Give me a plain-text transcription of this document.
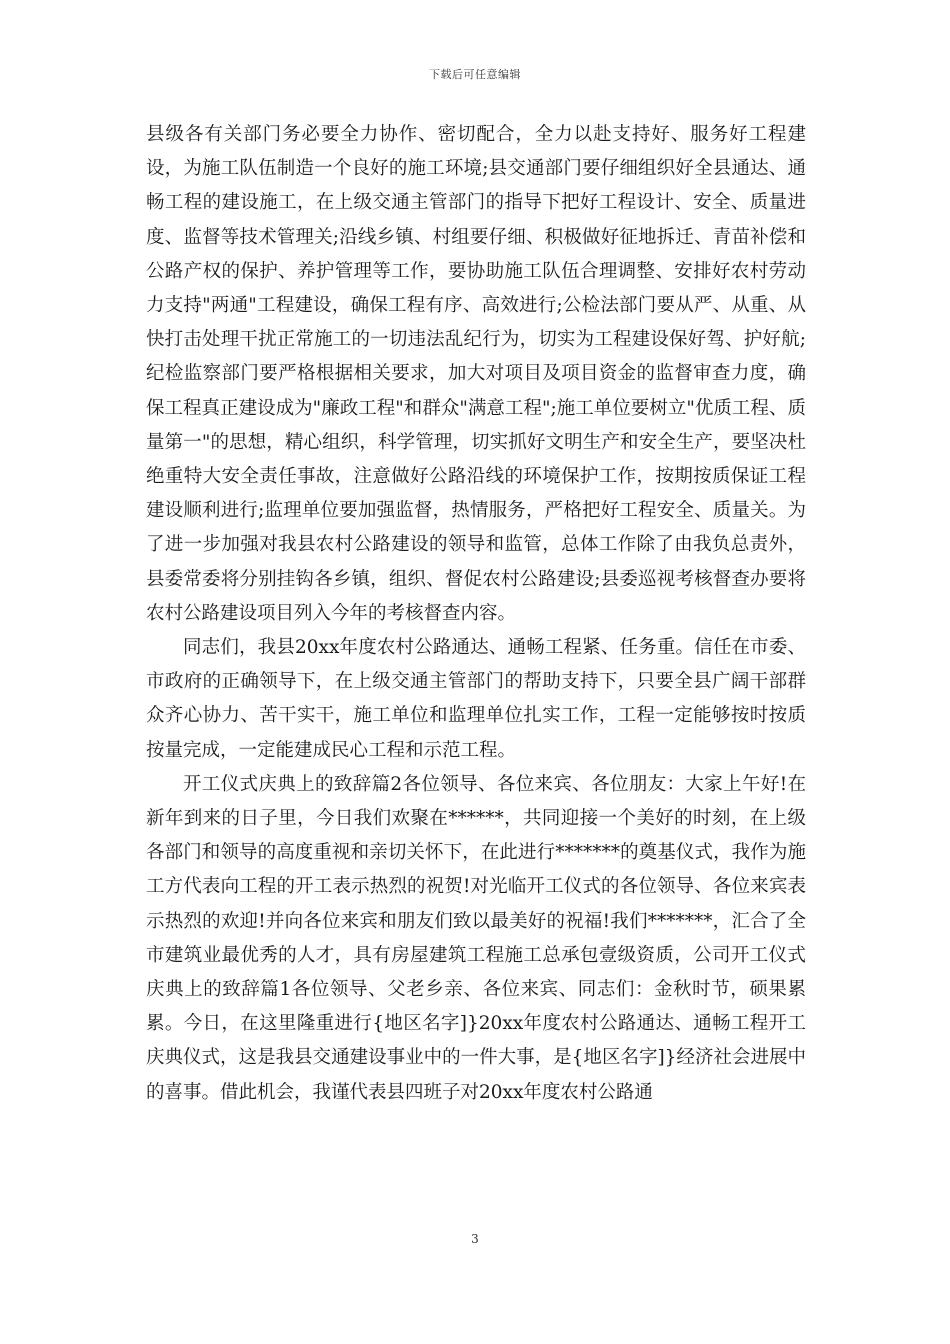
下载后可任意编辑

县级各有关部门务必要全力协作、密切配合，全力以赴支持好、服务好工程建设，为施工队伍制造一个良好的施工环境;县交通部门要仔细组织好全县通达、通畅工程的建设施工，在上级交通主管部门的指导下把好工程设计、安全、质量进度、监督等技术管理关;沿线乡镇、村组要仔细、积极做好征地拆迁、青苗补偿和公路产权的保护、养护管理等工作，要协助施工队伍合理调整、安排好农村劳动力支持"两通"工程建设，确保工程有序、高效进行;公检法部门要从严、从重、从快打击处理干扰正常施工的一切违法乱纪行为，切实为工程建设保好驾、护好航;纪检监察部门要严格根据相关要求，加大对项目及项目资金的监督审查力度，确保工程真正建设成为"廉政工程"和群众"满意工程";施工单位要树立"优质工程、质量第一"的思想，精心组织，科学管理，切实抓好文明生产和安全生产，要坚决杜绝重特大安全责任事故，注意做好公路沿线的环境保护工作，按期按质保证工程建设顺利进行;监理单位要加强监督，热情服务，严格把好工程安全、质量关。为了进一步加强对我县农村公路建设的领导和监管，总体工作除了由我负总责外，县委常委将分别挂钩各乡镇，组织、督促农村公路建设;县委巡视考核督查办要将农村公路建设项目列入今年的考核督查内容。

同志们，我县20xx年度农村公路通达、通畅工程紧、任务重。信任在市委、市政府的正确领导下，在上级交通主管部门的帮助支持下，只要全县广阔干部群众齐心协力、苦干实干，施工单位和监理单位扎实工作，工程一定能够按时按质按量完成，一定能建成民心工程和示范工程。

开工仪式庆典上的致辞篇2各位领导、各位来宾、各位朋友：大家上午好!在新年到来的日子里，今日我们欢聚在******，共同迎接一个美好的时刻，在上级各部门和领导的高度重视和亲切关怀下，在此进行*******的奠基仪式，我作为施工方代表向工程的开工表示热烈的祝贺!对光临开工仪式的各位领导、各位来宾表示热烈的欢迎!并向各位来宾和朋友们致以最美好的祝福!我们*******，汇合了全市建筑业最优秀的人才，具有房屋建筑工程施工总承包壹级资质，公司开工仪式庆典上的致辞篇1各位领导、父老乡亲、各位来宾、同志们：金秋时节，硕果累累。今日，在这里隆重进行{地区名字]}20xx年度农村公路通达、通畅工程开工庆典仪式，这是我县交通建设事业中的一件大事，是{地区名字]}经济社会进展中的喜事。借此机会，我谨代表县四班子对20xx年度农村公路通

3
